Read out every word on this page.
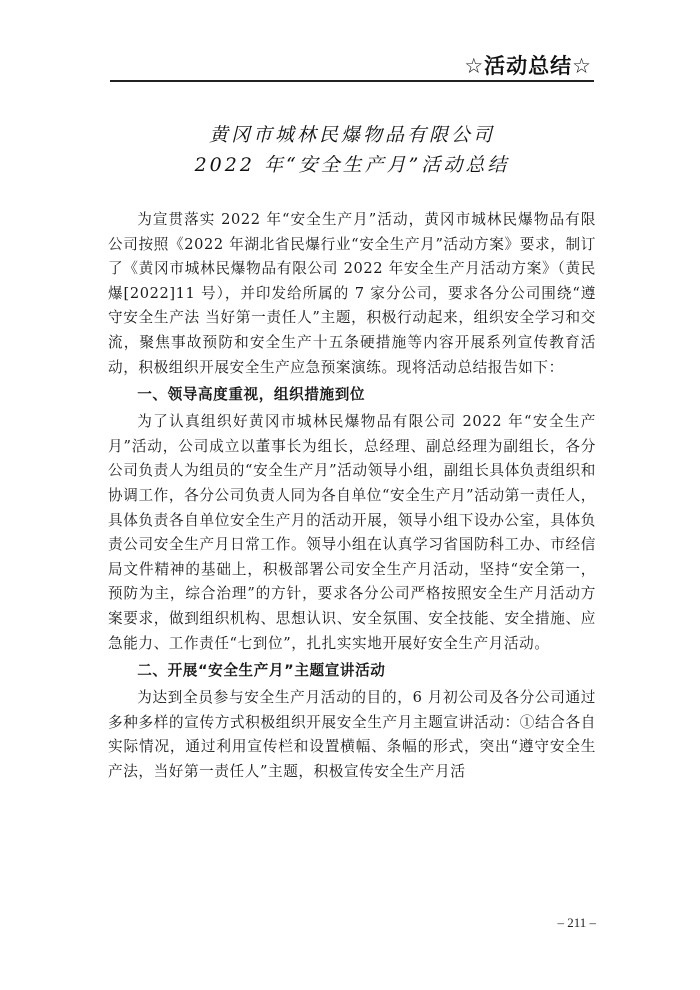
☆活动总结☆
黄冈市城林民爆物品有限公司
2022 年“安全生产月”活动总结

为宣贯落实 2022 年“安全生产月”活动，黄冈市城林民爆物品有限公司按照《2022 年湖北省民爆行业“安全生产月”活动方案》要求，制订了《黄冈市城林民爆物品有限公司 2022 年安全生产月活动方案》（黄民爆[2022]11 号），并印发给所属的 7 家分公司，要求各分公司围绕“遵守安全生产法 当好第一责任人”主题，积极行动起来，组织安全学习和交流，聚焦事故预防和安全生产十五条硬措施等内容开展系列宣传教育活动，积极组织开展安全生产应急预案演练。现将活动总结报告如下：

一、领导高度重视，组织措施到位

为了认真组织好黄冈市城林民爆物品有限公司 2022 年“安全生产月”活动，公司成立以董事长为组长，总经理、副总经理为副组长，各分公司负责人为组员的“安全生产月”活动领导小组，副组长具体负责组织和协调工作，各分公司负责人同为各自单位“安全生产月”活动第一责任人，具体负责各自单位安全生产月的活动开展，领导小组下设办公室，具体负责公司安全生产月日常工作。领导小组在认真学习省国防科工办、市经信局文件精神的基础上，积极部署公司安全生产月活动，坚持“安全第一，预防为主，综合治理”的方针，要求各分公司严格按照安全生产月活动方案要求，做到组织机构、思想认识、安全氛围、安全技能、安全措施、应急能力、工作责任“七到位”，扎扎实实地开展好安全生产月活动。

二、开展“安全生产月”主题宣讲活动

为达到全员参与安全生产月活动的目的，6 月初公司及各分公司通过多种多样的宣传方式积极组织开展安全生产月主题宣讲活动：①结合各自实际情况，通过利用宣传栏和设置横幅、条幅的形式，突出“遵守安全生产法，当好第一责任人”主题，积极宣传安全生产月活

– 211 –
